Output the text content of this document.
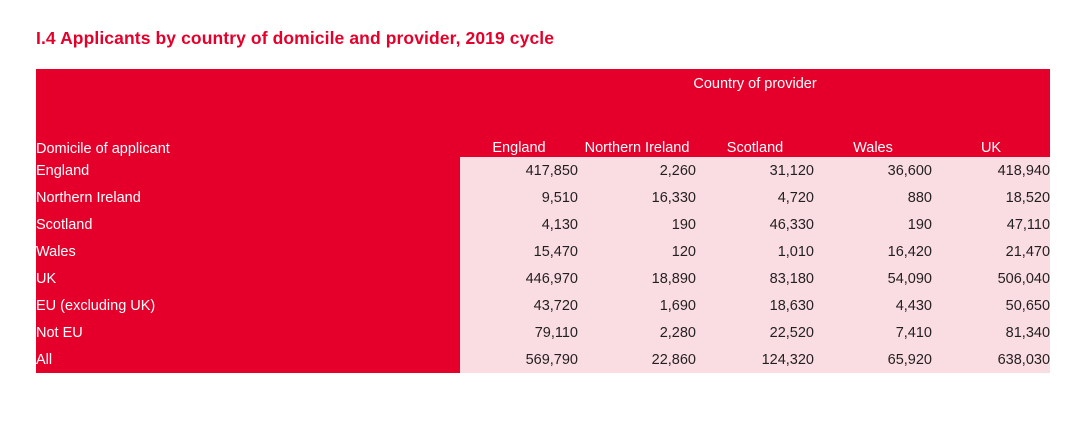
I.4 Applicants by country of domicile and provider, 2019 cycle
	Country of provider				
Domicile of applicant	England	Northern Ireland	Scotland	Wales	UK
England	417,850	2,260	31,120	36,600	418,940
Northern Ireland	9,510	16,330	4,720	880	18,520
Scotland	4,130	190	46,330	190	47,110
Wales	15,470	120	1,010	16,420	21,470
UK	446,970	18,890	83,180	54,090	506,040
EU (excluding UK)	43,720	1,690	18,630	4,430	50,650
Not EU	79,110	2,280	22,520	7,410	81,340
All	569,790	22,860	124,320	65,920	638,030
